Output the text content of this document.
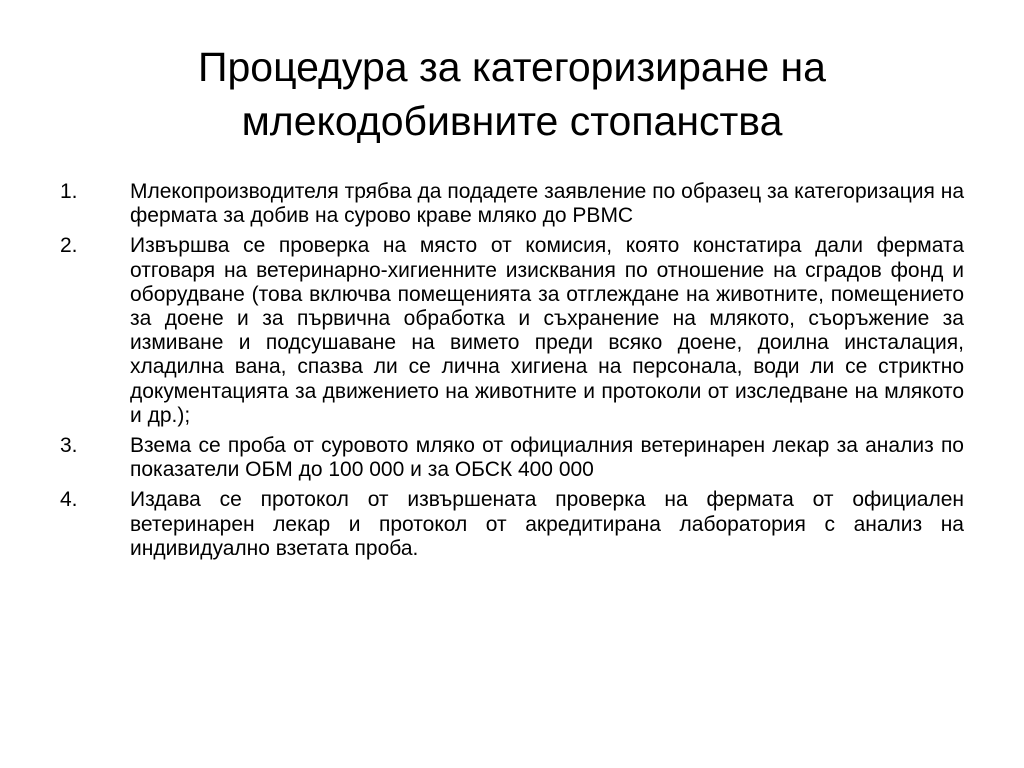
Процедура за категоризиране на млекодобивните стопанства
1.	Млекопроизводителя трябва да подадете заявление по образец за категоризация на фермата за добив на сурово краве мляко до РВМС
2.	Извършва се проверка на място от комисия, която констатира дали фермата отговаря на ветеринарно-хигиенните изисквания по отношение на сградов фонд и оборудване (това включва помещенията за отглеждане на животните, помещението за доене и за първична обработка и съхранение на млякото, съоръжение за измиване и подсушаване на вимето преди всяко доене, доилна инсталация, хладилна вана, спазва ли се лична хигиена на персонала, води ли се стриктно документацията за движението на животните и протоколи от изследване на млякото и др.);
3.	Взема се проба от суровото мляко от официалния ветеринарен лекар за анализ по показатели ОБМ до 100 000 и за ОБСК 400 000
4.	Издава се протокол от извършената проверка на фермата от официален ветеринарен лекар и протокол от акредитирана лаборатория с анализ на индивидуално взетата проба.
